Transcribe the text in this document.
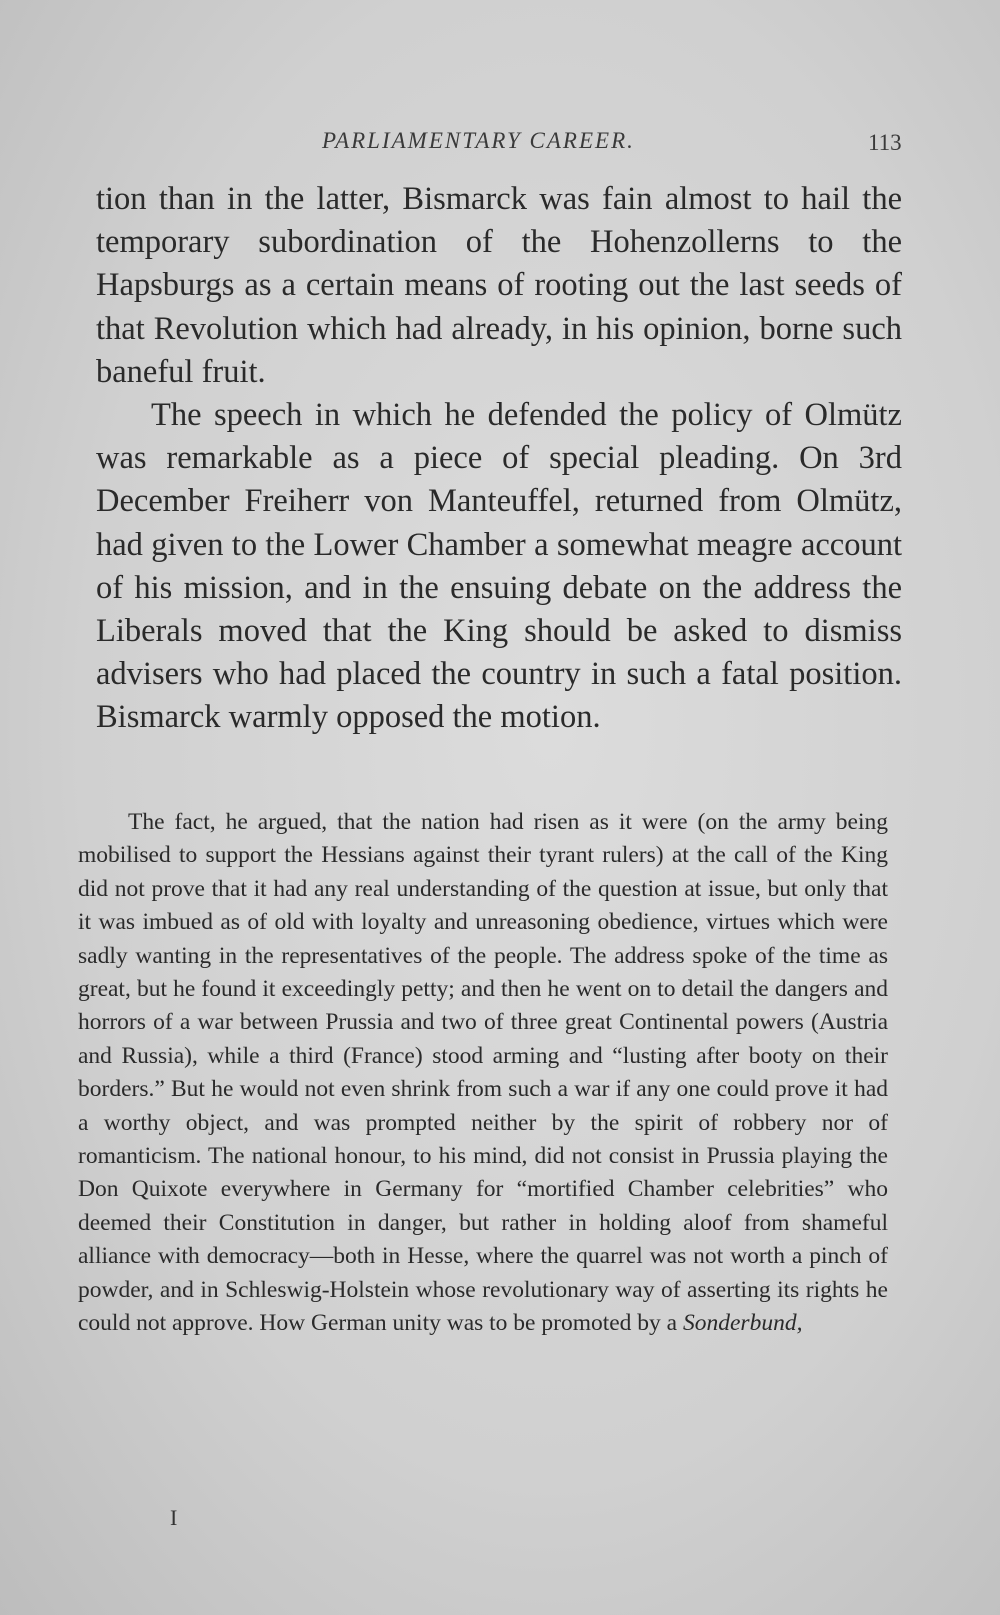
PARLIAMENTARY CAREER.	113

tion than in the latter, Bismarck was fain almost to hail the temporary subordination of the Hohenzollerns to the Hapsburgs as a certain means of rooting out the last seeds of that Revolution which had already, in his opinion, borne such baneful fruit.

The speech in which he defended the policy of Olmütz was remarkable as a piece of special pleading. On 3rd December Freiherr von Manteuffel, returned from Olmütz, had given to the Lower Chamber a somewhat meagre account of his mission, and in the ensuing debate on the address the Liberals moved that the King should be asked to dismiss advisers who had placed the country in such a fatal position. Bismarck warmly opposed the motion.

The fact, he argued, that the nation had risen as it were (on the army being mobilised to support the Hessians against their tyrant rulers) at the call of the King did not prove that it had any real understanding of the question at issue, but only that it was imbued as of old with loyalty and unreasoning obedience, virtues which were sadly wanting in the representatives of the people. The address spoke of the time as great, but he found it exceedingly petty; and then he went on to detail the dangers and horrors of a war between Prussia and two of three great Continental powers (Austria and Russia), while a third (France) stood arming and “lusting after booty on their borders.” But he would not even shrink from such a war if any one could prove it had a worthy object, and was prompted neither by the spirit of robbery nor of romanticism. The national honour, to his mind, did not consist in Prussia playing the Don Quixote everywhere in Germany for “mortified Chamber celebrities” who deemed their Constitution in danger, but rather in holding aloof from shameful alliance with democracy—both in Hesse, where the quarrel was not worth a pinch of powder, and in Schleswig-Holstein whose revolutionary way of asserting its rights he could not approve. How German unity was to be promoted by a Sonderbund,

I
